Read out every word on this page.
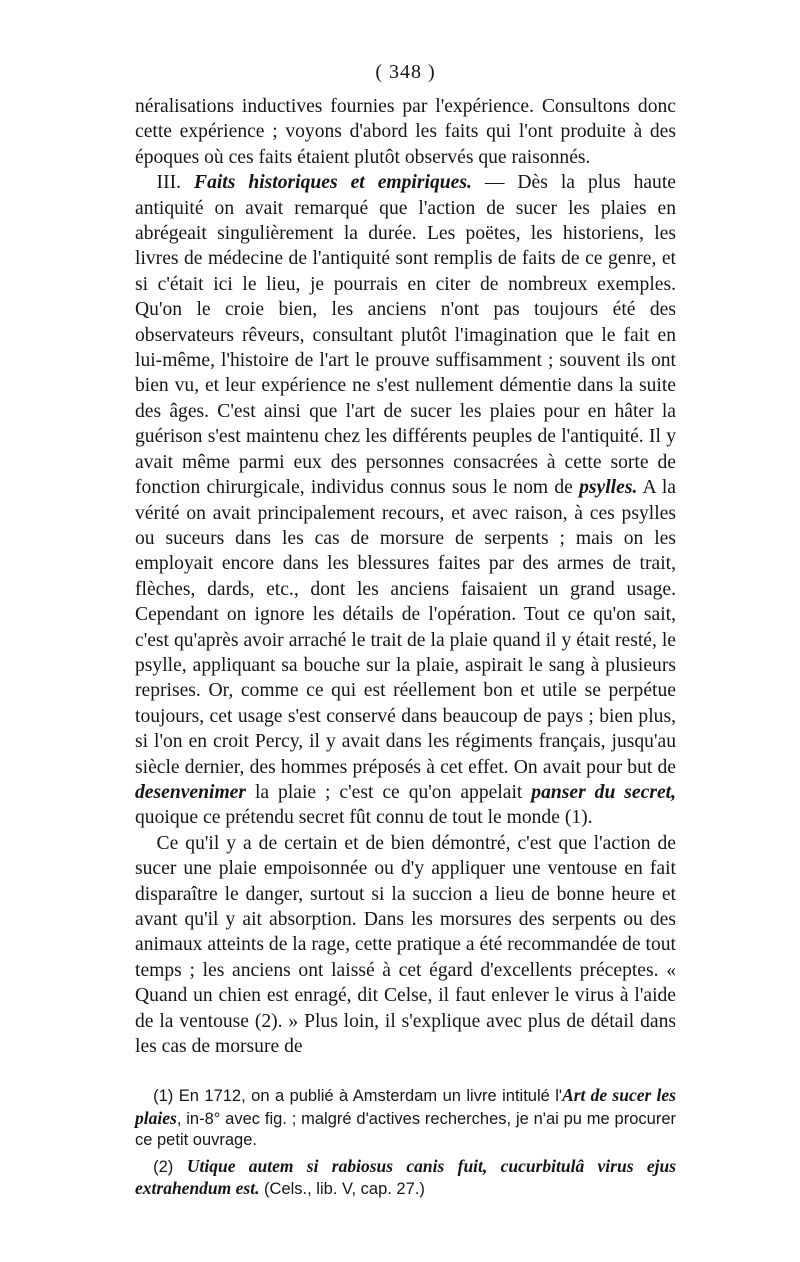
( 348 )

néralisations inductives fournies par l'expérience. Consultons donc cette expérience ; voyons d'abord les faits qui l'ont produite à des époques où ces faits étaient plutôt observés que raisonnés.

III. Faits historiques et empiriques. — Dès la plus haute antiquité on avait remarqué que l'action de sucer les plaies en abrégeait singulièrement la durée. Les poëtes, les historiens, les livres de médecine de l'antiquité sont remplis de faits de ce genre, et si c'était ici le lieu, je pourrais en citer de nombreux exemples. Qu'on le croie bien, les anciens n'ont pas toujours été des observateurs rêveurs, consultant plutôt l'imagination que le fait en lui-même, l'histoire de l'art le prouve suffisamment ; souvent ils ont bien vu, et leur expérience ne s'est nullement démentie dans la suite des âges. C'est ainsi que l'art de sucer les plaies pour en hâter la guérison s'est maintenu chez les différents peuples de l'antiquité. Il y avait même parmi eux des personnes consacrées à cette sorte de fonction chirurgicale, individus connus sous le nom de psylles. A la vérité on avait principalement recours, et avec raison, à ces psylles ou suceurs dans les cas de morsure de serpents ; mais on les employait encore dans les blessures faites par des armes de trait, flèches, dards, etc., dont les anciens faisaient un grand usage. Cependant on ignore les détails de l'opération. Tout ce qu'on sait, c'est qu'après avoir arraché le trait de la plaie quand il y était resté, le psylle, appliquant sa bouche sur la plaie, aspirait le sang à plusieurs reprises. Or, comme ce qui est réellement bon et utile se perpétue toujours, cet usage s'est conservé dans beaucoup de pays ; bien plus, si l'on en croit Percy, il y avait dans les régiments français, jusqu'au siècle dernier, des hommes préposés à cet effet. On avait pour but de desenvenimer la plaie ; c'est ce qu'on appelait panser du secret, quoique ce prétendu secret fût connu de tout le monde (1).

Ce qu'il y a de certain et de bien démontré, c'est que l'action de sucer une plaie empoisonnée ou d'y appliquer une ventouse en fait disparaître le danger, surtout si la succion a lieu de bonne heure et avant qu'il y ait absorption. Dans les morsures des serpents ou des animaux atteints de la rage, cette pratique a été recommandée de tout temps ; les anciens ont laissé à cet égard d'excellents préceptes. « Quand un chien est enragé, dit Celse, il faut enlever le virus à l'aide de la ventouse (2). » Plus loin, il s'explique avec plus de détail dans les cas de morsure de

(1) En 1712, on a publié à Amsterdam un livre intitulé l'Art de sucer les plaies, in-8° avec fig. ; malgré d'actives recherches, je n'ai pu me procurer ce petit ouvrage.

(2) Utique autem si rabiosus canis fuit, cucurbitulâ virus ejus extrahendum est. (Cels., lib. V, cap. 27.)
